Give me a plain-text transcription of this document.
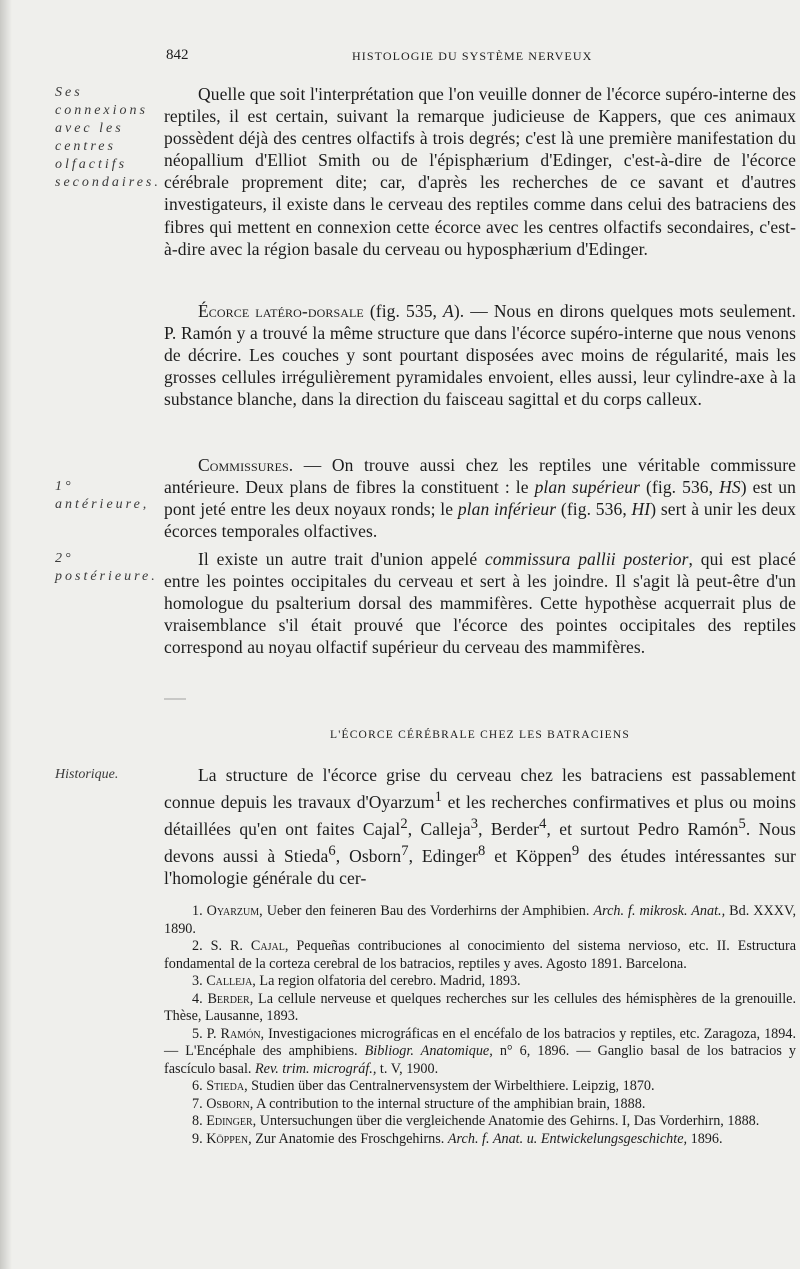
842	HISTOLOGIE DU SYSTÈME NERVEUX

Ses connexions avec les centres olfactifs secondaires.

1° antérieure,

2° postérieure.

Historique.

Quelle que soit l'interprétation que l'on veuille donner de l'écorce supéro-interne des reptiles, il est certain, suivant la remarque judicieuse de Kappers, que ces animaux possèdent déjà des centres olfactifs à trois degrés; c'est là une première manifestation du néopallium d'Elliot Smith ou de l'épisphærium d'Edinger, c'est-à-dire de l'écorce cérébrale proprement dite; car, d'après les recherches de ce savant et d'autres investigateurs, il existe dans le cerveau des reptiles comme dans celui des batraciens des fibres qui mettent en connexion cette écorce avec les centres olfactifs secondaires, c'est-à-dire avec la région basale du cerveau ou hyposphærium d'Edinger.

Écorce latéro-dorsale (fig. 535, A). — Nous en dirons quelques mots seulement. P. Ramón y a trouvé la même structure que dans l'écorce supéro-interne que nous venons de décrire. Les couches y sont pourtant disposées avec moins de régularité, mais les grosses cellules irrégulièrement pyramidales envoient, elles aussi, leur cylindre-axe à la substance blanche, dans la direction du faisceau sagittal et du corps calleux.

Commissures. — On trouve aussi chez les reptiles une véritable commissure antérieure. Deux plans de fibres la constituent : le plan supérieur (fig. 536, HS) est un pont jeté entre les deux noyaux ronds; le plan inférieur (fig. 536, HI) sert à unir les deux écorces temporales olfactives.

Il existe un autre trait d'union appelé commissura pallii posterior, qui est placé entre les pointes occipitales du cerveau et sert à les joindre. Il s'agit là peut-être d'un homologue du psalterium dorsal des mammifères. Cette hypothèse acquerrait plus de vraisemblance s'il était prouvé que l'écorce des pointes occipitales des reptiles correspond au noyau olfactif supérieur du cerveau des mammifères.

L'ÉCORCE CÉRÉBRALE CHEZ LES BATRACIENS

La structure de l'écorce grise du cerveau chez les batraciens est passablement connue depuis les travaux d'Oyarzum$^1$ et les recherches confirmatives et plus ou moins détaillées qu'en ont faites Cajal$^2$, Calleja$^3$, Berder$^4$, et surtout Pedro Ramón$^5$. Nous devons aussi à Stieda$^6$, Osborn$^7$, Edinger$^8$ et Köppen$^9$ des études intéressantes sur l'homologie générale du cer-

1. Oyarzum, Ueber den feineren Bau des Vorderhirns der Amphibien. Arch. f. mikrosk. Anat., Bd. XXXV, 1890.

2. S. R. Cajal, Pequeñas contribuciones al conocimiento del sistema nervioso, etc. II. Estructura fondamental de la corteza cerebral de los batracios, reptiles y aves. Agosto 1891. Barcelona.

3. Calleja, La region olfatoria del cerebro. Madrid, 1893.

4. Berder, La cellule nerveuse et quelques recherches sur les cellules des hémisphères de la grenouille. Thèse, Lausanne, 1893.

5. P. Ramón, Investigaciones micrográficas en el encéfalo de los batracios y reptiles, etc. Zaragoza, 1894. — L'Encéphale des amphibiens. Bibliogr. Anatomique, n° 6, 1896. — Ganglio basal de los batracios y fascículo basal. Rev. trim. micrográf., t. V, 1900.

6. Stieda, Studien über das Centralnervensystem der Wirbelthiere. Leipzig, 1870.

7. Osborn, A contribution to the internal structure of the amphibian brain, 1888.

8. Edinger, Untersuchungen über die vergleichende Anatomie des Gehirns. I, Das Vorderhirn, 1888.

9. Köppen, Zur Anatomie des Froschgehirns. Arch. f. Anat. u. Entwickelungsgeschichte, 1896.
